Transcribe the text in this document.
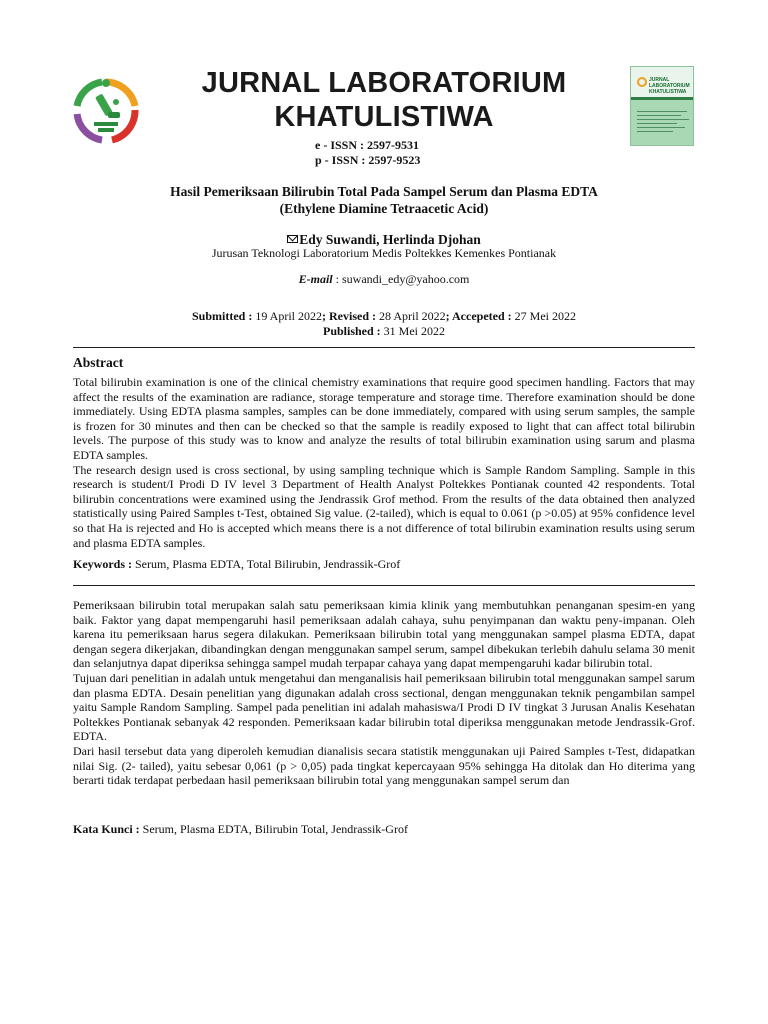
JURNAL LABORATORIUM
KHATULISTIWA
e - ISSN : 2597-9531
p - ISSN : 2597-9523
JURNAL LABORATORIUM KHATULISTIWA
Hasil Pemeriksaan Bilirubin Total Pada Sampel Serum dan Plasma EDTA
(Ethylene Diamine Tetraacetic Acid)
Edy Suwandi, Herlinda Djohan
Jurusan Teknologi Laboratorium Medis Poltekkes Kemenkes Pontianak
E-mail : suwandi_edy@yahoo.com
Submitted : 19 April 2022; Revised : 28 April 2022; Accepeted : 27 Mei 2022
Published : 31 Mei 2022
Abstract

Total bilirubin examination is one of the clinical chemistry examinations that require good specimen handling. Factors that may affect the results of the examination are radiance, storage temperature and storage time. Therefore examination should be done immediately. Using EDTA plasma samples, samples can be done immediately, compared with using serum samples, the sample is frozen for 30 minutes and then can be checked so that the sample is readily exposed to light that can affect total bilirubin levels. The purpose of this study was to know and analyze the results of total bilirubin examination using sarum and plasma EDTA samples.

The research design used is cross sectional, by using sampling technique which is Sample Random Sampling. Sample in this research is student/I Prodi D IV level 3 Department of Health Analyst Poltekkes Pontianak counted 42 respondents. Total bilirubin concentrations were examined using the Jendrassik Grof method. From the results of the data obtained then analyzed statistically using Paired Samples t-Test, obtained Sig value. (2-tailed), which is equal to 0.061 (p >0.05) at 95% confidence level so that Ha is rejected and Ho is accepted which means there is a not difference of total bilirubin examination results using serum and plasma EDTA samples.

Keywords : Serum, Plasma EDTA, Total Bilirubin, Jendrassik-Grof

Pemeriksaan bilirubin total merupakan salah satu pemeriksaan kimia klinik yang membutuhkan penanganan spesim-en yang baik. Faktor yang dapat mempengaruhi hasil pemeriksaan adalah cahaya, suhu penyimpanan dan waktu peny-impanan. Oleh karena itu pemeriksaan harus segera dilakukan. Pemeriksaan bilirubin total yang menggunakan sampel plasma EDTA, dapat dengan segera dikerjakan, dibandingkan dengan menggunakan sampel serum, sampel dibekukan terlebih dahulu selama 30 menit dan selanjutnya dapat diperiksa sehingga sampel mudah terpapar cahaya yang dapat mempengaruhi kadar bilirubin total.

Tujuan dari penelitian in adalah untuk mengetahui dan menganalisis hail pemeriksaan bilirubin total menggunakan sampel sarum dan plasma EDTA. Desain penelitian yang digunakan adalah cross sectional, dengan menggunakan teknik pengambilan sampel yaitu Sample Random Sampling. Sampel pada penelitian ini adalah mahasiswa/I Prodi D IV tingkat 3 Jurusan Analis Kesehatan Poltekkes Pontianak sebanyak 42 responden. Pemeriksaan kadar bilirubin total diperiksa menggunakan metode Jendrassik-Grof. EDTA.

Dari hasil tersebut data yang diperoleh kemudian dianalisis secara statistik menggunakan uji Paired Samples t-Test, didapatkan nilai Sig. (2- tailed), yaitu sebesar 0,061 (p > 0,05) pada tingkat kepercayaan 95% sehingga Ha ditolak dan Ho diterima yang berarti tidak terdapat perbedaan hasil pemeriksaan bilirubin total yang menggunakan sampel serum dan

Kata Kunci : Serum, Plasma EDTA, Bilirubin Total, Jendrassik-Grof
